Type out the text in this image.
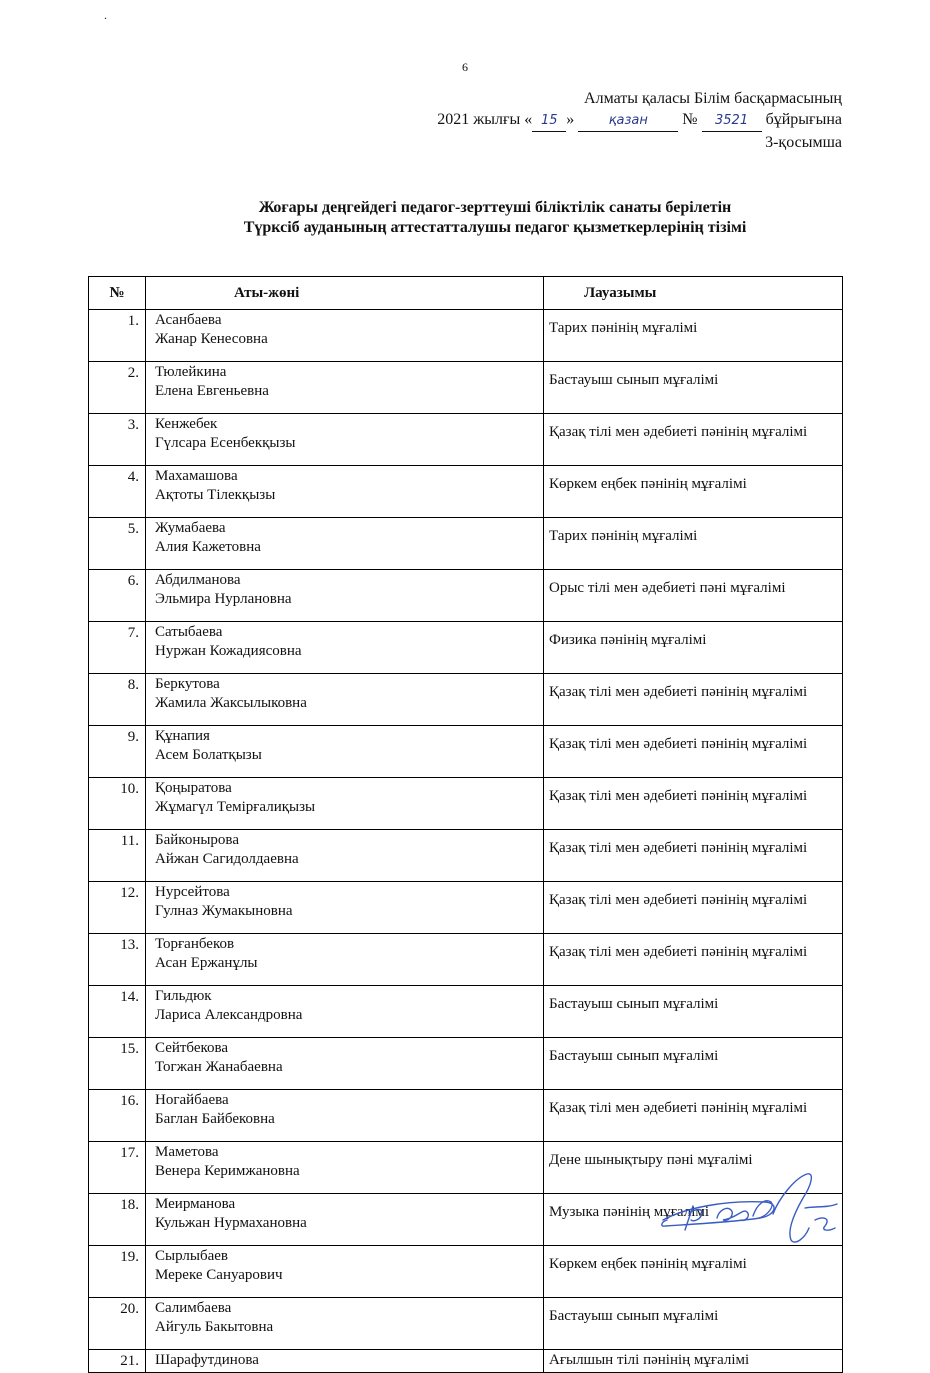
.
6
Алматы қаласы Білім басқармасының
2021 жылғы « 15 »	қазан № 3521 бұйрығына
3-қосымша
Жоғары деңгейдегі педагог-зерттеуші біліктілік санаты берілетін
Түрксіб ауданының аттестатталушы педагог қызметкерлерінің тізімі
№	Аты-жөні	Лауазымы
1.	Асанбаева
Жанар Кенесовна	Тарих пәнінің мұғалімі
2.	Тюлейкина
Елена Евгеньевна	Бастауыш сынып мұғалімі
3.	Кенжебек
Гүлсара Есенбекқызы	Қазақ тілі мен әдебиеті пәнінің мұғалімі
4.	Махамашова
Ақтоты Тілекқызы	Көркем еңбек пәнінің мұғалімі
5.	Жумабаева
Алия Кажетовна	Тарих пәнінің мұғалімі
6.	Абдилманова
Эльмира Нурлановна	Орыс тілі мен әдебиеті пәні мұғалімі
7.	Сатыбаева
Нуржан Кожадиясовна	Физика пәнінің мұғалімі
8.	Беркутова
Жамила Жаксылыковна	Қазақ тілі мен әдебиеті пәнінің мұғалімі
9.	Құнапия
Асем Болатқызы	Қазақ тілі мен әдебиеті пәнінің мұғалімі
10.	Қоңыратова
Жұмагүл Темірғалиқызы	Қазақ тілі мен әдебиеті пәнінің мұғалімі
11.	Байконырова
Айжан Сагидолдаевна	Қазақ тілі мен әдебиеті пәнінің мұғалімі
12.	Нурсейтова
Гулназ Жумакыновна	Қазақ тілі мен әдебиеті пәнінің мұғалімі
13.	Торғанбеков
Асан Ержанұлы	Қазақ тілі мен әдебиеті пәнінің мұғалімі
14.	Гильдюк
Лариса Александровна	Бастауыш сынып мұғалімі
15.	Сейтбекова
Тогжан Жанабаевна	Бастауыш сынып мұғалімі
16.	Ногайбаева
Баглан Байбековна	Қазақ тілі мен әдебиеті пәнінің мұғалімі
17.	Маметова
Венера Керимжановна	Дене шынықтыру пәні мұғалімі
18.	Меирманова
Кульжан Нурмахановна	Музыка пәнінің мұғалімі
19.	Сырлыбаев
Мереке Сануарович	Көркем еңбек пәнінің мұғалімі
20.	Салимбаева
Айгуль Бакытовна	Бастауыш сынып мұғалімі
21.	Шарафутдинова	Ағылшын тілі пәнінің мұғалімі
